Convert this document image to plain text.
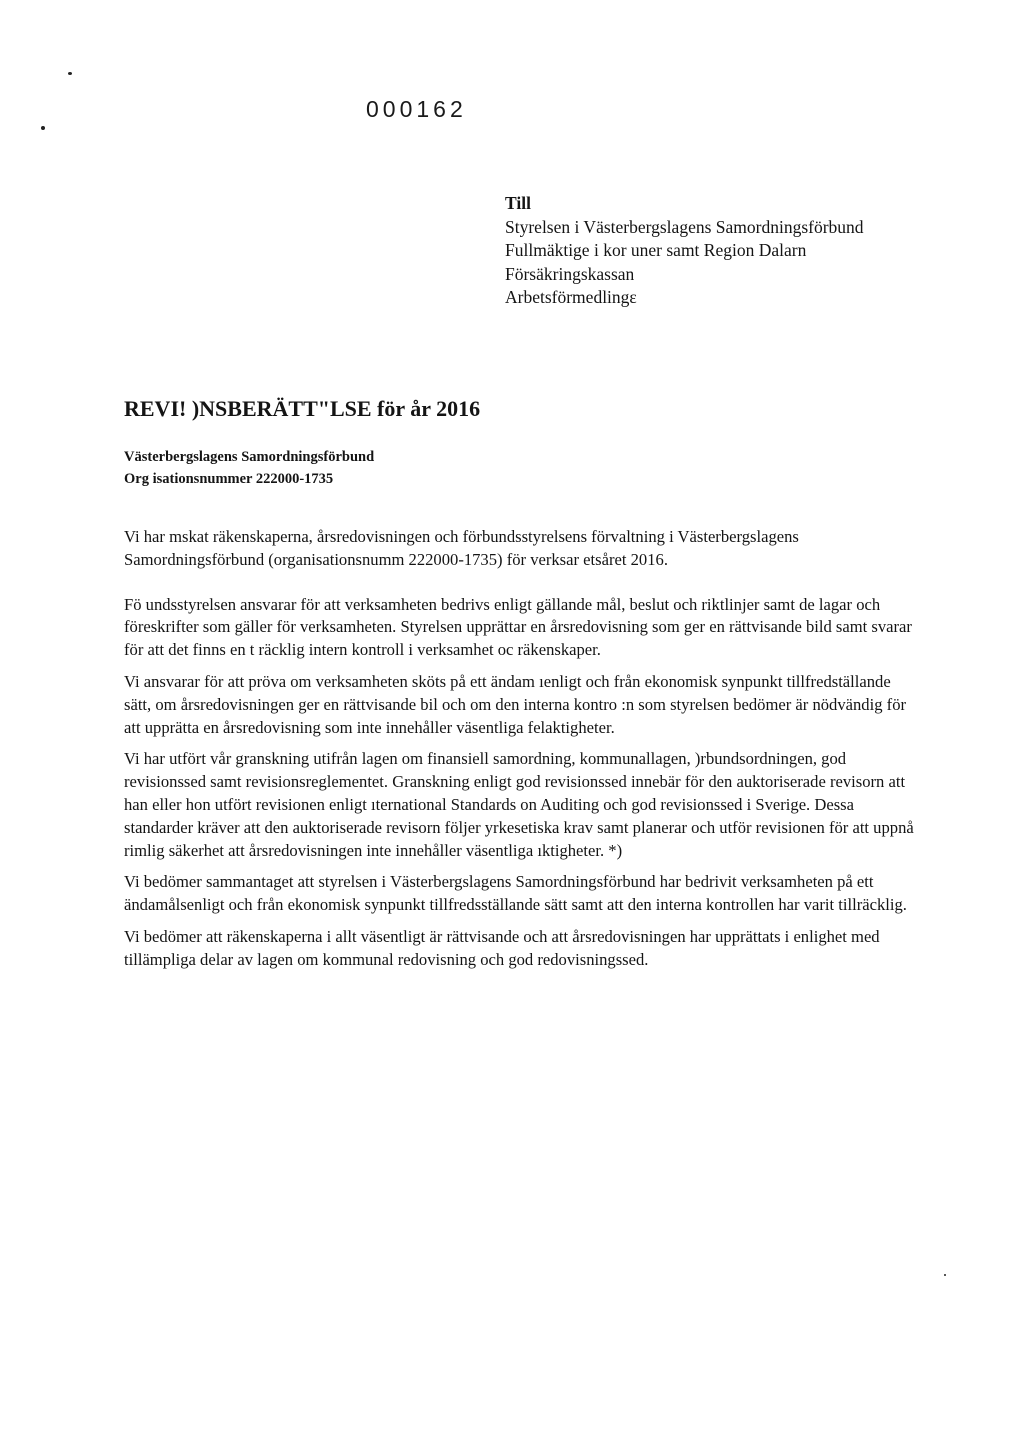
000162
Till
Styrelsen i Västerbergslagens Samordningsförbund
Fullmäktige i kor uner samt Region Dalarn
Försäkringskassan
Arbetsförmedlingε
REVI! )NSBERÄTT"LSE för år 2016
Västerbergslagens Samordningsförbund
Org isationsnummer 222000-1735

Vi har mskat räkenskaperna, årsredovisningen och förbundsstyrelsens förvaltning i Västerbergslagens Samordningsförbund (organisationsnumm 222000-1735) för verksar etsåret 2016.

Fö undsstyrelsen ansvarar för att verksamheten bedrivs enligt gällande mål, beslut och riktlinjer samt de lagar och föreskrifter som gäller för verksamheten. Styrelsen upprättar en årsredovisning som ger en rättvisande bild samt svarar för att det finns en t räcklig intern kontroll i verksamhet oc räkenskaper.

Vi ansvarar för att pröva om verksamheten sköts på ett ändam ıenligt och från ekonomisk synpunkt tillfredställande sätt, om årsredovisningen ger en rättvisande bil och om den interna kontro :n som styrelsen bedömer är nödvändig för att upprätta en årsredovisning som inte innehåller väsentliga felaktigheter.

Vi har utfört vår granskning utifrån lagen om finansiell samordning, kommunallagen, )rbundsordningen, god revisionssed samt revisionsreglementet. Granskning enligt god revisionssed innebär för den auktoriserade revisorn att han eller hon utfört revisionen enligt ıternational Standards on Auditing och god revisionssed i Sverige. Dessa standarder kräver att den auktoriserade revisorn följer yrkesetiska krav samt planerar och utför revisionen för att uppnå rimlig säkerhet att årsredovisningen inte innehåller väsentliga ıktigheter. *)

Vi bedömer sammantaget att styrelsen i Västerbergslagens Samordningsförbund har bedrivit verksamheten på ett ändamålsenligt och från ekonomisk synpunkt tillfredsställande sätt samt att den interna kontrollen har varit tillräcklig.

Vi bedömer att räkenskaperna i allt väsentligt är rättvisande och att årsredovisningen har upprättats i enlighet med tillämpliga delar av lagen om kommunal redovisning och god redovisningssed.
